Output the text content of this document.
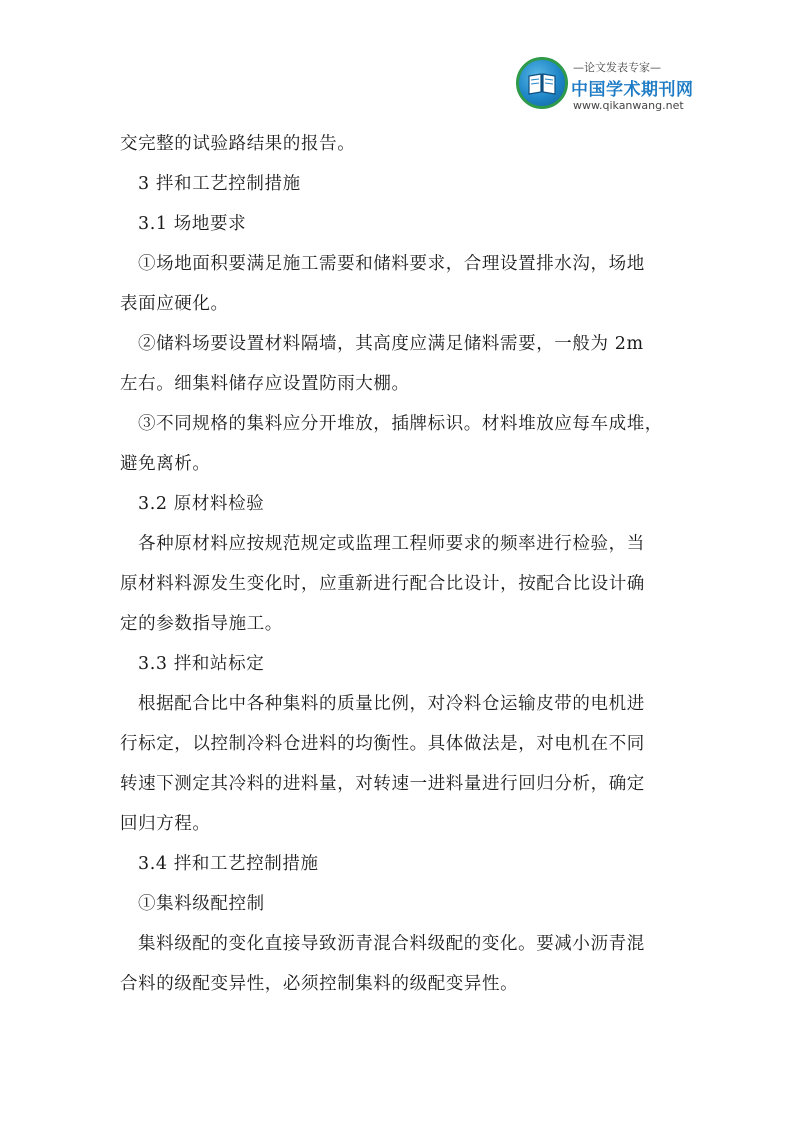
—论文发表专家—
中国学术期刊网
www.qikanwang.net
交完整的试验路结果的报告。
3 拌和工艺控制措施
3.1 场地要求
①场地面积要满足施工需要和储料要求，合理设置排水沟，场地
表面应硬化。
②储料场要设置材料隔墙，其高度应满足储料需要，一般为 2m
左右。细集料储存应设置防雨大棚。
③不同规格的集料应分开堆放，插牌标识。材料堆放应每车成堆，
避免离析。
3.2 原材料检验
各种原材料应按规范规定或监理工程师要求的频率进行检验，当
原材料料源发生变化时，应重新进行配合比设计，按配合比设计确
定的参数指导施工。
3.3 拌和站标定
根据配合比中各种集料的质量比例，对冷料仓运输皮带的电机进
行标定，以控制冷料仓进料的均衡性。具体做法是，对电机在不同
转速下测定其冷料的进料量，对转速一进料量进行回归分析，确定
回归方程。
3.4 拌和工艺控制措施
①集料级配控制
集料级配的变化直接导致沥青混合料级配的变化。要减小沥青混
合料的级配变异性，必须控制集料的级配变异性。
